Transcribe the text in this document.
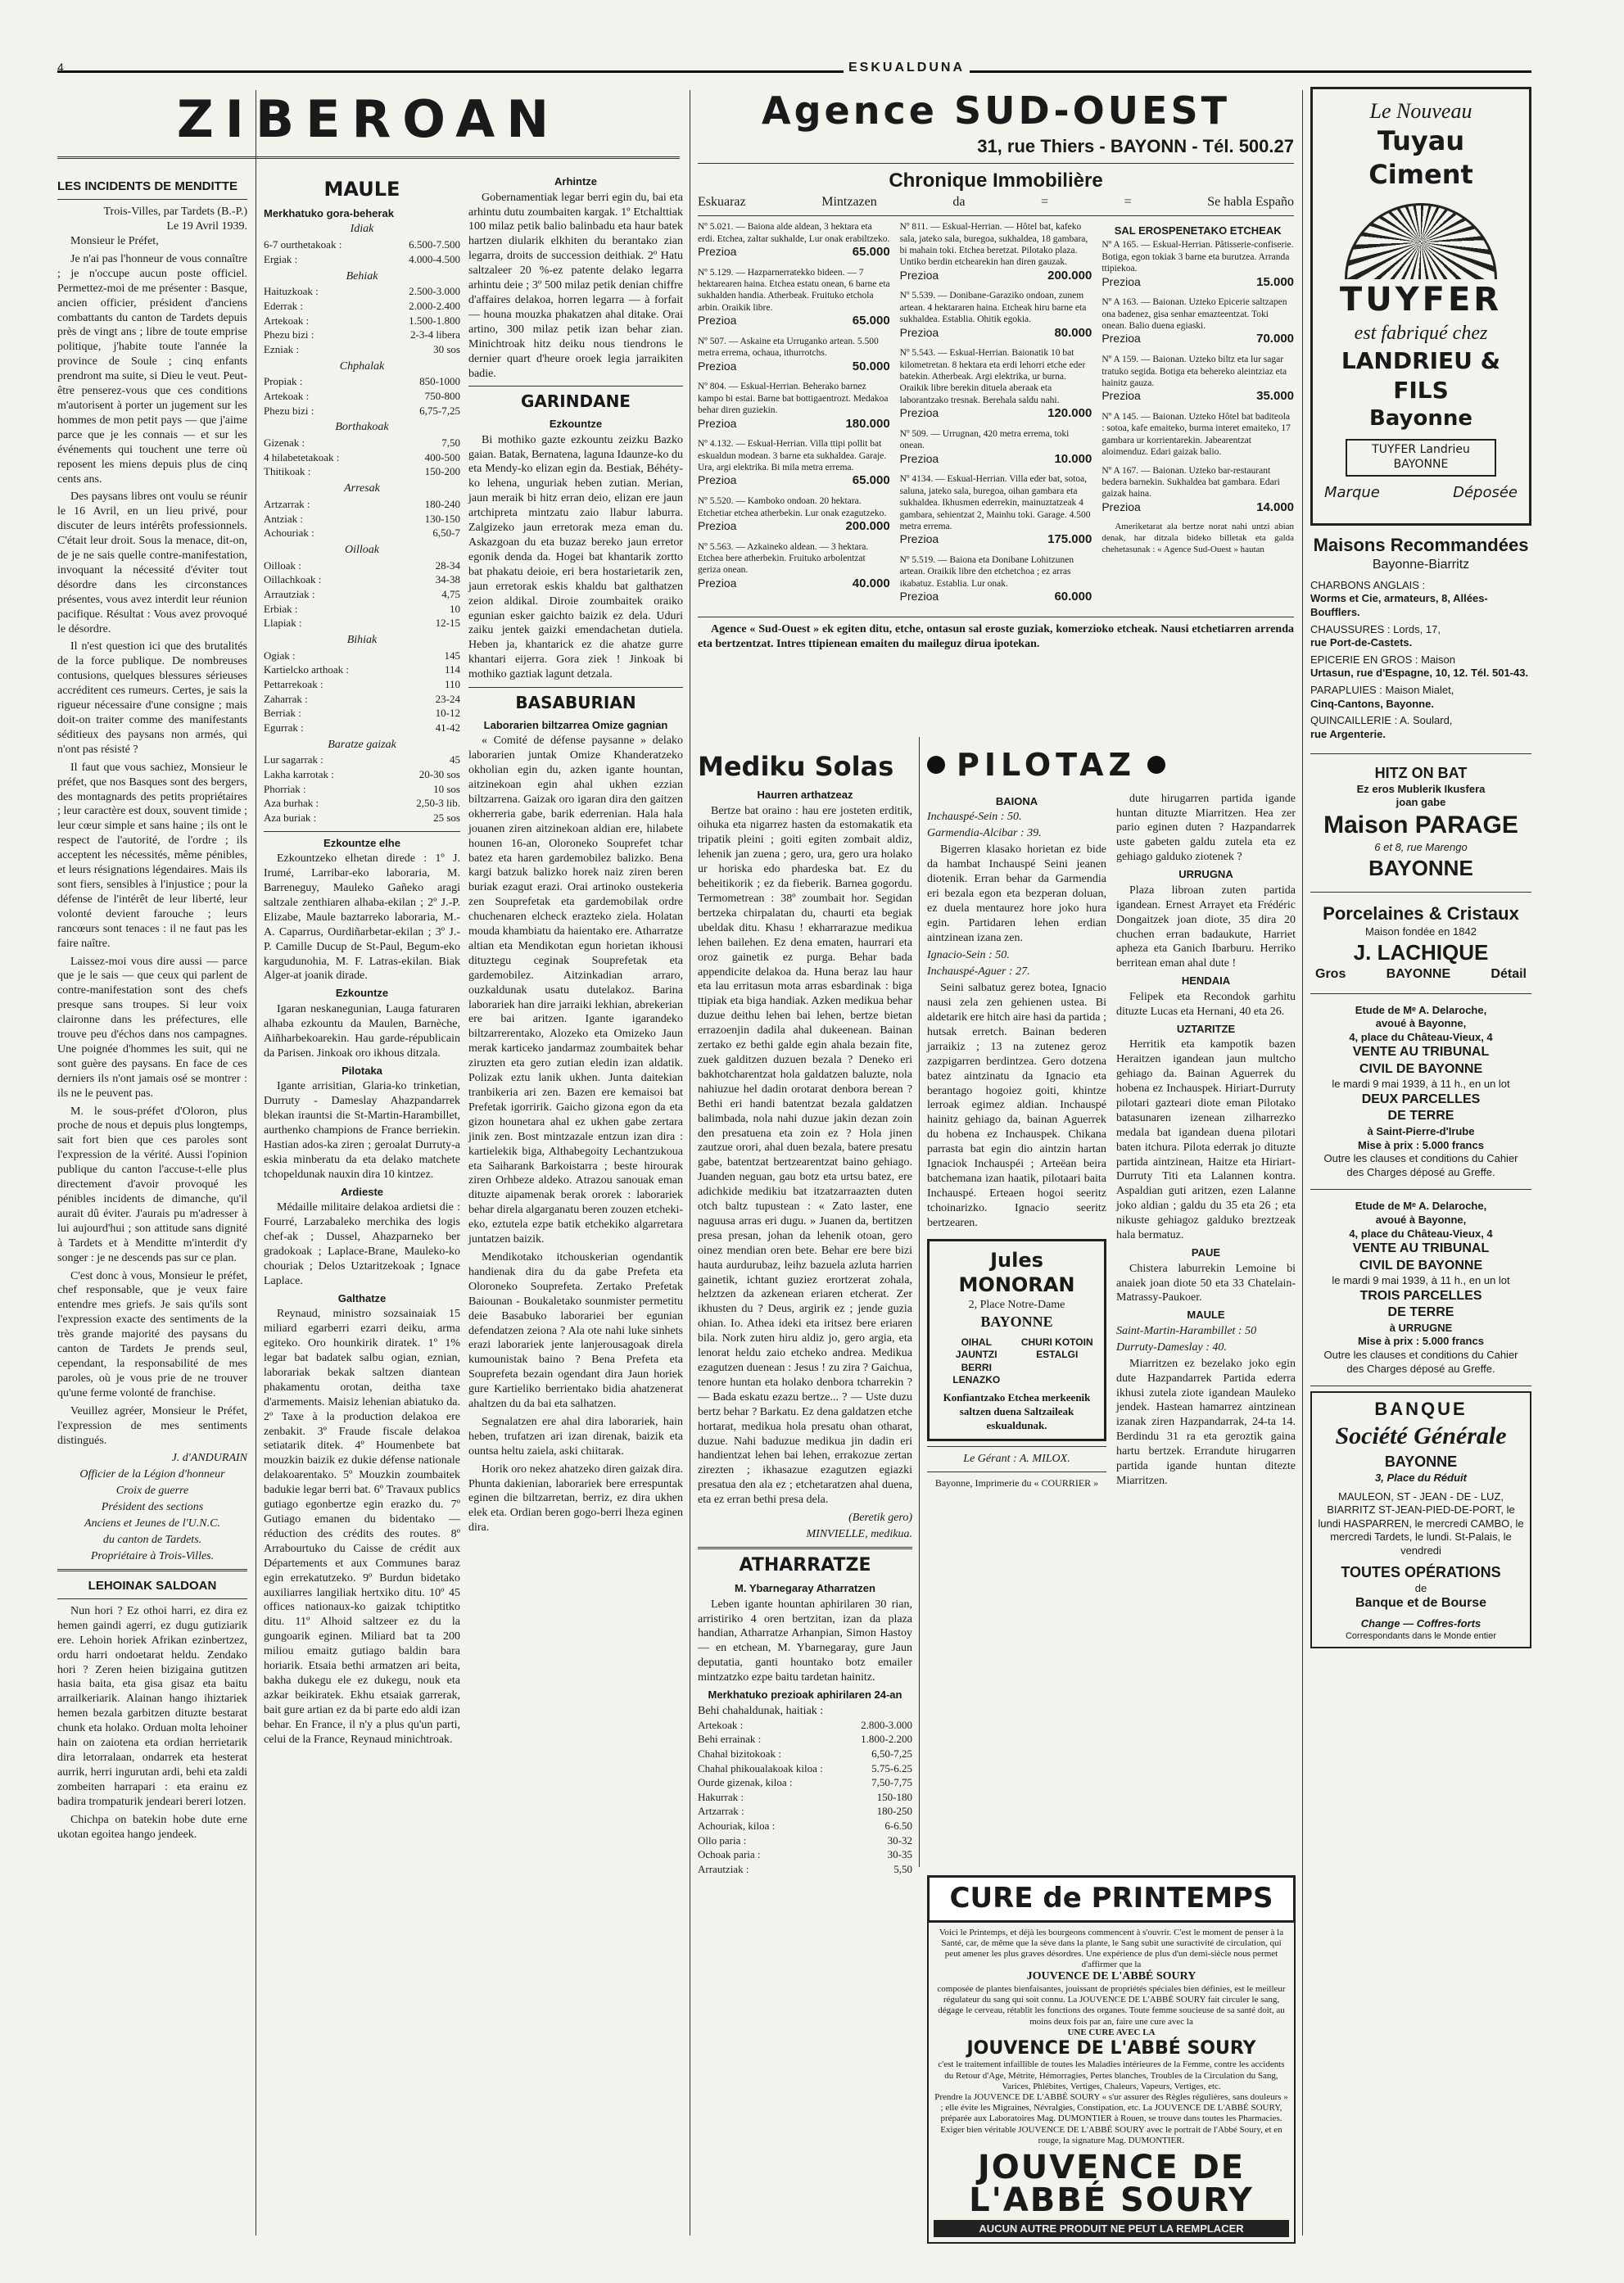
4	ESKUALDUNA
ZIBEROAN
LES INCIDENTS DE MENDITTE
Trois-Villes, par Tardets (B.-P.)
Le 19 Avril 1939.

Monsieur le Préfet,

Je n'ai pas l'honneur de vous connaître ; je n'occupe aucun poste officiel. Permettez-moi de me présenter : Basque, ancien officier, président d'anciens combattants du canton de Tardets depuis près de vingt ans ; libre de toute emprise politique, j'habite toute l'année la province de Soule ; cinq enfants prendront ma suite, si Dieu le veut. Peut-être penserez-vous que ces conditions m'autorisent à porter un jugement sur les hommes de mon petit pays — que j'aime parce que je les connais — et sur les événements qui touchent une terre où reposent les miens depuis plus de cinq cents ans.

Des paysans libres ont voulu se réunir le 16 Avril, en un lieu privé, pour discuter de leurs intérêts professionnels. C'était leur droit. Sous la menace, dit-on, de je ne sais quelle contre-manifestation, invoquant la nécessité d'éviter tout désordre dans les circonstances présentes, vous avez interdit leur réunion pacifique. Résultat : Vous avez provoqué le désordre.

Il n'est question ici que des brutalités de la force publique. De nombreuses contusions, quelques blessures sérieuses accréditent ces rumeurs. Certes, je sais la rigueur nécessaire d'une consigne ; mais doit-on traiter comme des manifestants séditieux des paysans non armés, qui n'ont pas résisté ?

Il faut que vous sachiez, Monsieur le préfet, que nos Basques sont des bergers, des montagnards des petits propriétaires ; leur caractère est doux, souvent timide ; leur cœur simple et sans haine ; ils ont le respect de l'autorité, de l'ordre ; ils acceptent les nécessités, même pénibles, et leurs résignations légendaires. Mais ils sont fiers, sensibles à l'injustice ; pour la défense de l'intérêt de leur liberté, leur volonté devient farouche ; leurs rancœurs sont tenaces : il ne faut pas les faire naître.

Laissez-moi vous dire aussi — parce que je le sais — que ceux qui parlent de contre-manifestation sont des chefs presque sans troupes. Si leur voix claironne dans les préfectures, elle trouve peu d'échos dans nos campagnes. Une poignée d'hommes les suit, qui ne sont guère des paysans. En face de ces derniers ils n'ont jamais osé se montrer : ils ne le peuvent pas.

M. le sous-préfet d'Oloron, plus proche de nous et depuis plus longtemps, sait fort bien que ces paroles sont l'expression de la vérité. Aussi l'opinion publique du canton l'accuse-t-elle plus directement d'avoir provoqué les pénibles incidents de dimanche, qu'il aurait dû éviter. J'aurais pu m'adresser à lui aujourd'hui ; son attitude sans dignité à Tardets et à Menditte m'interdit d'y songer : je ne descends pas sur ce plan.

C'est donc à vous, Monsieur le préfet, chef responsable, que je veux faire entendre mes griefs. Je sais qu'ils sont l'expression exacte des sentiments de la très grande majorité des paysans du canton de Tardets Je prends seul, cependant, la responsabilité de mes paroles, où je vous prie de ne trouver qu'une ferme volonté de franchise.

Veuillez agréer, Monsieur le Préfet, l'expression de mes sentiments distingués.

J. d'ANDURAIN
Officier de la Légion d'honneur
Croix de guerre
Président des sections
Anciens et Jeunes de l'U.N.C.
du canton de Tardets.
Propriétaire à Trois-Villes.
LEHOINAK SALDOAN

Nun hori ? Ez othoi harri, ez dira ez hemen gaindi agerri, ez dugu gutiziarik ere. Lehoin horiek Afrikan ezinbertzez, ordu harri ondoetarat heldu. Zendako hori ? Zeren heien bizigaina gutitzen hasia baita, eta gisa gisaz eta baitu arrailkeriarik. Alainan hango ihiztariek hemen bezala garbitzen dituzte bestarat chunk eta holako. Orduan molta lehoiner hain on zaiotena eta ordian herrietarik dira letorralaan, ondarrek eta hesterat aurrik, herri ingurutan ardi, behi eta zaldi zombeiten harrapari : eta erainu ez badira trompaturik jendeari bereri lotzen.

Chichpa on batekin hobe dute erne ukotan egoitea hango jendeek.

MAULE
Merkhatuko gora-beherak
Idiak
6-7 ourthetakoak :	6.500-7.500
Ergiak :	4.000-4.500
Behiak
Haituzkoak :	2.500-3.000
Ederrak :	2.000-2.400
Artekoak :	1.500-1.800
Phezu bizi :	2-3-4 libera
Ezniak :	30 sos
Chphalak
Propiak :	850-1000
Artekoak :	750-800
Phezu bizi :	6,75-7,25
Borthakoak
Gizenak :	7,50
4 hilabetetakoak :	400-500
Thitikoak :	150-200
Arresak
Artzarrak :	180-240
Antziak :	130-150
Achouriak :	6,50-7
Oilloak
Oilloak :	28-34
Oillachkoak :	34-38
Arrautziak :	4,75
Erbiak :	10
Llapiak :	12-15
Bihiak
Ogiak :	145
Kartielcko arthoak :	114
Pettarrekoak :	110
Zaharrak :	23-24
Berriak :	10-12
Egurrak :	41-42
Baratze gaizak
Lur sagarrak :	45
Lakha karrotak :	20-30 sos
Phorriak :	10 sos
Aza burhak :	2,50-3 lib.
Aza buriak :	25 sos
Ezkountze elhe

Ezkountzeko elhetan direde : 1º J. Irumé, Larribar-eko laboraria, M. Barreneguy, Mauleko Gañeko aragi saltzale zenthiaren alhaba-ekilan ; 2º J.-P. Elizabe, Maule baztarreko laboraria, M.-A. Caparrus, Ourdiñarbetar-ekilan ; 3º J.-P. Camille Ducup de St-Paul, Begum-eko kargudunohia, M. F. Latras-ekilan. Biak Alger-at joanik dirade.

Ezkountze

Igaran neskanegunian, Lauga faturaren alhaba ezkountu da Maulen, Barnèche, Aiñharbekoarekin. Hau garde-républicain da Parisen. Jinkoak oro ikhous ditzala.

Pilotaka

Igante arrisitian, Glaria-ko trinketian, Durruty - Dameslay Ahazpandarrek blekan irauntsi die St-Martin-Harambillet, aurthenko champions de France berriekin. Hastian ados-ka ziren ; geroalat Durruty-a eskia minberatu da eta delako matchete tchopeldunak nauxin dira 10 kintzez.

Ardieste

Médaille militaire delakoa ardietsi die : Fourré, Larzabaleko merchika des logis chef-ak ; Dussel, Ahazparneko ber gradokoak ; Laplace-Brane, Mauleko-ko chouriak ; Delos Uztaritzekoak ; Ignace Laplace.

Galthatze

Reynaud, ministro sozsainaiak 15 miliard egarberri ezarri deiku, arma egiteko. Oro hounkirik diratek. 1º 1% legar bat badatek salbu ogian, eznian, laborariak bekak saltzen diantean phakamentu orotan, deitha taxe d'armements. Maisiz lehenian abiatuko da. 2º Taxe à la production delakoa ere zenbakit. 3º Fraude fiscale delakoa setiatarik ditek. 4º Houmenbete bat mouzkin baizik ez dukie défense nationale delakoarentako. 5º Mouzkin zoumbaitek badukie legar berri bat. 6º Travaux publics gutiago egonbertze egin erazko du. 7º Gutiago emanen du bidentako — réduction des crédits des routes. 8º Arrabourtuko du Caisse de crédit aux Départements et aux Communes baraz egin errekatutzeko. 9º Burdun bidetako auxiliarres langiliak hertxiko ditu. 10º 45 offices nationaux-ko gaizak tchiptitko ditu. 11º Alhoid saltzeer ez du la gungoarik eginen. Miliard bat ta 200 miliou emaitz gutiago baldin bara horiarik. Etsaia bethi armatzen ari beita, bakha dukegu ele ez dukegu, nouk eta azkar beikiratek. Ekhu etsaiak garrerak, bait gure artian ez da bi parte edo aldi izan behar. En France, il n'y a plus qu'un parti, celui de la France, Reynaud minichtroak.

Arhintze

Gobernamentiak legar berri egin du, bai eta arhintu dutu zoumbaiten kargak. 1º Etchalttiak 100 milaz petik balio balinbadu eta haur batek hartzen diularik elkhiten du berantako zian legarra, droits de succession deithiak. 2º Hatu saltzaleer 20 %-ez patente delako legarra arhintu deie ; 3º 500 milaz petik denian chiffre d'affaires delakoa, horren legarra — à forfait — houna mouzka phakatzen ahal ditake. Orai artino, 300 milaz petik izan behar zian. Minichtroak hitz deiku nous tiendrons le dernier quart d'heure oroek legia jarraikiten badie.

GARINDANE
Ezkountze

Bi mothiko gazte ezkountu zeizku Bazko gaian. Batak, Bernatena, laguna Idaunze-ko du eta Mendy-ko elizan egin da. Bestiak, Béhéty-ko lehena, unguriak heben zutian. Merian, jaun meraik bi hitz erran deio, elizan ere jaun artchipreta mintzatu zaio llabur laburra. Zalgizeko jaun erretorak meza eman du. Askazgoan du eta buzaz bereko jaun erretor egonik denda da. Hogei bat khantarik zortto bat phakatu deioie, eri bera hostarietarik zen, jaun erretorak eskis khaldu bat galthatzen zeion aldikal. Diroie zoumbaitek oraiko egunian esker gaichto baizik ez dela. Uduri zaiku jentek gaizki emendachetan dutiela. Heben ja, khantarick ez die ahatze gurre khantari eijerra. Gora ziek ! Jinkoak bi mothiko gaztiak lagunt detzala.

BASABURIAN
Laborarien biltzarrea Omize gagnian

« Comité de défense paysanne » delako laborarien juntak Omize Khanderatzeko okholian egin du, azken igante hountan, aitzinekoan egin ahal ukhen ezzian biltzarrena. Gaizak oro igaran dira den gaitzen okherreria gabe, barik ederrenian. Hala hala jouanen ziren aitzinekoan aldian ere, hilabete hounen 16-an, Oloroneko Souprefet tchar batez eta haren gardemobilez balizko. Bena kargi batzuk balizko horek naiz ziren beren buriak ezagut erazi. Orai artinoko oustekeria zen Souprefetak eta gardemobilak ordre chuchenaren elcheck erazteko ziela. Holatan mouda khambiatu da haientako ere. Atharratze altian eta Mendikotan egun horietan ikhousi dituztegu ceginak Souprefetak eta gardemobilez. Aitzinkadian arraro, ouzkaldunak usatu dutelakoz. Barina laborariek han dire jarraiki lekhian, abrekerian ere bai aritzen. Igante igarandeko biltzarrerentako, Alozeko eta Omizeko Jaun merak karticeko jandarmaz zoumbaitek behar ziruzten eta gero zutian eledin izan aldatik. Polizak eztu lanik ukhen. Junta daitekian tranbikeria ari zen. Bazen ere kemaisoi bat Prefetak igorririk. Gaicho gizona egon da eta gizon hounetara ahal ez ukhen gabe zertara jinik zen. Bost mintzazale entzun izan dira : kartielekik biga, Althabegoity Lechantzukoua eta Saiharank Barkoistarra ; beste hirourak ziren Orhbeze aldeko. Atrazou sanouak eman dituzte aipamenak berak ororek : laborariek behar direla algarganatu beren zouzen etcheki-eko, eztutela ezpe batik etchekiko algarretara juntatzen baizik.

Mendikotako itchouskerian ogendantik handienak dira du da gabe Prefeta eta Oloroneko Souprefeta. Zertako Prefetak Baiounan - Boukaletako sounmister permetitu deie Basabuko laborariei ber egunian defendatzen zeiona ? Ala ote nahi luke sinhets erazi laborariek jente lanjerousagoak direla kumounistak baino ? Bena Prefeta eta Souprefeta bezain ogendant dira Jaun horiek gure Kartieliko berrientako bidia ahatzenerat ahaltzen du da bai eta salhatzen.

Segnalatzen ere ahal dira laborariek, hain heben, trufatzen ari izan direnak, baizik eta ountsa heltu zaiela, aski chiitarak.

Horik oro nekez ahatzeko diren gaizak dira. Phunta dakienian, laborariek bere errespuntak eginen die biltzarretan, berriz, ez dira ukhen elek eta. Ordian beren gogo-berri lheza eginen dira.

Agence SUD-OUEST
31, rue Thiers - BAYONN - Tél. 500.27
Chronique Immobilière
Eskuaraz	Mintzazen	da	=	=	Se habla Españo
Nº 5.021. — Baiona alde aldean, 3 hektara eta erdi. Etchea, zaltar sukhalde, Lur onak erabiltzeko.
Prezioa	65.000
Nº 5.129. — Hazparnerratekko bideen. — 7 hektarearen haina. Etchea estatu onean, 6 barne eta sukhalden handia. Atherbeak. Fruituko etchola arbin. Oraikik libre.
Prezioa	65.000
Nº 507. — Askaine eta Urruganko artean. 5.500 metra errema, ochaua, ithurrotchs.
Prezioa	50.000
Nº 804. — Eskual-Herrian. Beherako barnez kampo bi estai. Barne bat bottigaentrozt. Medakoa behar diren guziekin.
Prezioa	180.000
Nº 4.132. — Eskual-Herrian. Villa ttipi pollit bat eskualdun modean. 3 barne eta sukhaldea. Garaje. Ura, argi elektrika. Bi mila metra errema.
Prezioa	65.000
Nº 5.520. — Kamboko ondoan. 20 hektara. Etchetiar etchea atherbekin. Lur onak ezagutzeko.
Prezioa	200.000
Nº 5.563. — Azkaineko aldean. — 3 hektara. Etchea bere atherbekin. Fruituko arbolentzat geriza onean.
Prezioa	40.000
Nº 811. — Eskual-Herrian. — Hôtel bat, kafeko sala, jateko sala, buregoa, sukhaldea, 18 gambara, bi mahain toki. Etchea beretzat. Pilotako plaza. Untiko berdin etchearekin han diren gauzak.
Prezioa	200.000
Nº 5.539. — Donibane-Garaziko ondoan, zunem artean. 4 hektararen haina. Etcheak hiru barne eta sukhaldea. Establia. Ohitik egokia.
Prezioa	80.000
Nº 5.543. — Eskual-Herrian. Baionatik 10 bat kilometretan. 8 hektara eta erdi lehorri etche eder batekin. Atherbeak. Argi elektrika, ur burna. Oraikik libre berekin dituela aberaak eta laborantzako tresnak. Berehala saldu nahi.
Prezioa	120.000
Nº 509. — Urrugnan, 420 metra errema, toki onean.
Prezioa	10.000
Nº 4134. — Eskual-Herrian. Villa eder bat, sotoa, saluna, jateko sala, buregoa, oihan gambara eta sukhaldea. Ikhusmen ederrekin, mainuztatzeak 4 gambara, sehientzat 2, Mainhu toki. Garage. 4.500 metra errema.
Prezioa	175.000
Nº 5.519. — Baiona eta Donibane Lohitzunen artean. Oraikik libre den etchetchoa ; ez arras ikabatuz. Establia. Lur onak.
Prezioa	60.000
SAL EROSPENETAKO ETCHEAK
Nº A 165. — Eskual-Herrian. Pâtisserie-confiserie. Botiga, egon tokiak 3 barne eta burutzea. Arranda ttipiekoa.
Prezioa	15.000
Nº A 163. — Baionan. Uzteko Epicerie saltzapen ona badenez, gisa senhar emazteentzat. Toki onean. Balio duena egiaski.
Prezioa	70.000
Nº A 159. — Baionan. Uzteko biltz eta lur sagar tratuko segida. Botiga eta behereko aleintziaz eta hainitz gauza.
Prezioa	35.000
Nº A 145. — Baionan. Uzteko Hôtel bat baditeola : sotoa, kafe emaiteko, burma interet emaiteko, 17 gambara ur korrientarekin. Jabearentzat aloimenduz. Edari gaizak balio.
Nº A 167. — Baionan. Uzteko bar-restaurant bedera barnekin. Sukhaldea bat gambara. Edari gaizak haina.
Prezioa	14.000

Ameriketarat ala bertze norat nahi untzi abian denak, har ditzala bideko billetak eta galda chehetasunak : « Agence Sud-Ouest » hautan

Agence « Sud-Ouest » ek egiten ditu, etche, ontasun sal eroste guziak, komerzioko etcheak. Nausi etchetiarren arrenda eta bertzentzat. Intres ttipienean emaiten du maileguz dirua ipotekan.

Mediku Solas
Haurren arthatzeaz

Bertze bat oraino : hau ere josteten erditik, oihuka eta nigarrez hasten da estomakatik eta tripatik pleini ; goiti egiten zombait aldiz, lehenik jan zuena ; gero, ura, gero ura holako ur horiska edo phardeska bat. Ez du beheitikorik ; ez da fieberik. Barnea gogordu. Termometrean : 38º zoumbait hor. Segidan bertzeka chirpalatan du, chaurti eta begiak ubeldak ditu. Khasu ! ekharrarazue medikua lehen bailehen. Ez dena ematen, haurrari eta oroz gainetik ez purga. Behar bada appendicite delakoa da. Huna beraz lau haur eta lau erritasun mota arras esbardinak : biga ttipiak eta biga handiak. Azken medikua behar duzue deithu lehen bai lehen, bertze bietan errazoenjin dadila ahal dukeenean. Bainan zertako ez bethi galde egin ahala bezain fite, zuek galditzen duzuen bezala ? Deneko eri bakhotcharentzat hola galdatzen baluzte, nola nahiuzue hel dadin orotarat denbora berean ? Bethi eri handi batentzat bezala galdatzen balimbada, nola nahi duzue jakin dezan zoin den presatuena eta zoin ez ? Hola jinen zautzue orori, ahal duen bezala, batere presatu gabe, batentzat bertzearentzat baino gehiago. Juanden neguan, gau botz eta urtsu batez, ere adichkide medikiu bat itzatzarraazten duten otch baltz tupustean : « Zato laster, ene naguusa arras eri dugu. » Juanen da, bertitzen presa presan, johan da lehenik otoan, gero oinez mendian oren bete. Behar ere bere bizi hauta aurdurubaz, leihz bazuela azluta harrien gainetik, ichtant guziez erortzerat zohala, helztzen da azkenean eriaren etcherat. Zer ikhusten du ? Deus, argirik ez ; jende guzia ohian. Io. Athea ideki eta iritsez bere eriaren bila. Nork zuten hiru aldiz jo, gero argia, eta lenorat heldu zaio etcheko andrea. Medikua ezagutzen duenean : Jesus ! zu zira ? Gaichua, tenore huntan eta holako denbora tcharrekin ? — Bada eskatu ezazu bertze... ? — Uste duzu bertz behar ? Barkatu. Ez dena galdatzen etche hortarat, medikua hola presatu ohan otharat, duzue. Nahi baduzue medikua jin dadin eri handientzat lehen bai lehen, errakozue zertan zirezten ; ikhasazue ezagutzen egiazki presatua den ala ez ; etchetaratzen ahal duena, eta ez erran bethi presa dela.

(Beretik gero)
MINVIELLE, medikua.
ATHARRATZE
M. Ybarnegaray Atharratzen

Leben igante hountan aphirilaren 30 rian, arristiriko 4 oren bertzitan, izan da plaza handian, Atharratze Arhanpian, Simon Hastoy — en etchean, M. Ybarnegaray, gure Jaun deputatia, ganti hountako botz emailer mintzatzko ezpe baitu tardetan hainitz.

Merkhatuko prezioak aphirilaren 24-an
Behi chahaldunak, haitiak :
Artekoak :	2.800-3.000
Behi errainak :	1.800-2.200
Chahal bizitokoak :	6,50-7,25
Chahal phikoualakoak kiloa :	5.75-6.25
Ourde gizenak, kiloa :	7,50-7,75
Hakurrak :	150-180
Artzarrak :	180-250
Achouriak, kiloa :	6-6.50
Ollo paria :	30-32
Ochoak paria :	30-35
Arrautziak :	5,50
PILOTAZ
BAIONA
Inchauspé-Sein : 50.
Garmendia-Alcibar : 39.

Bigerren klasako horietan ez bide da hambat Inchauspé Seini jeanen diotenik. Erran behar da Garmendia eri bezala egon eta bezperan doluan, ez duela mentaurez hore joko hura egin. Partidaren lehen erdian aintzinean izana zen.

Ignacio-Sein : 50.
Inchauspé-Aguer : 27.

Seini salbatuz gerez botea, Ignacio nausi zela zen gehienen ustea. Bi aldetarik ere hitch aire hasi da partida ; hutsak erretch. Bainan bederen jarraikiz ; 13 na zutenez geroz zazpigarren berdintzea. Gero dotzena batez aintzinatu da Ignacio eta berantago hogoiez goiti, khintze lerroak egimez aldian. Inchauspé hainitz gehiago da, bainan Aguerrek du hobena ez Inchauspek. Chikana parrasta bat egin dio aintzin hartan Ignaciok Inchauspéi ; Arteëan beira batchemana izan haatik, pilotaari baita Inchauspé. Erteaen hogoi seeritz tchoinarizko. Ignacio seeritz bertzearen.

Jules MONORAN
2, Place Notre-Dame
BAYONNE
OIHAL JAUNTZI BERRI LENAZKO
CHURI KOTOIN ESTALGI
Konfiantzako Etchea merkeenik saltzen duena Saltzaileak eskualdunak.
Le Gérant : A. MILOX.
Bayonne, Imprimerie du « COURRIER »

dute hirugarren partida igande huntan dituzte Miarritzen. Hea zer pario eginen duten ? Hazpandarrek uste gabeten galdu zutela eta ez gehiago galduko ziotenek ?

URRUGNA

Plaza libroan zuten partida igandean. Ernest Arrayet eta Frédéric Dongaitzek joan diote, 35 dira 20 chuchen erran badaukute, Harriet apheza eta Ganich Ibarburu. Herriko berritean eman ahal dute !

HENDAIA

Felipek eta Recondok garhitu dituzte Lucas eta Hernani, 40 eta 26.

UZTARITZE

Herritik eta kampotik bazen Heraitzen igandean jaun multcho gehiago da. Bainan Aguerrek du hobena ez Inchauspek. Hiriart-Durruty pilotari gazteari diote eman Pilotako batasunaren izenean zilharrezko medala bat igandean duena pilotari baten itchura. Pilota ederrak jo dituzte partida aintzinean, Haitze eta Hiriart-Durruty Titi eta Lalannen kontra. Aspaldian guti aritzen, ezen Lalanne joko aldian ; galdu du 35 eta 26 ; eta nikuste gehiagoz galduko breztzeak hala bermatuz.

PAUE

Chistera laburrekin Lemoine bi anaiek joan diote 50 eta 33 Chatelain-Matrassy-Paukoer.

MAULE
Saint-Martin-Harambillet : 50
Durruty-Dameslay : 40.

Miarritzen ez bezelako joko egin dute Hazpandarrek Partida ederra ikhusi zutela ziote igandean Mauleko jendek. Hastean hamarrez aintzinean izanak ziren Hazpandarrak, 24-ta 14. Berdindu 31 ra eta geroztik gaina hartu bertzek. Errandute hirugarren partida igande huntan ditezte Miarritzen.

CURE de PRINTEMPS
Voici le Printemps, et déjà les bourgeons commencent à s'ouvrir. C'est le moment de penser à la Santé, car, de même que la sève dans la plante, le Sang subit une suractivité de circulation, qui peut amener les plus graves désordres. Une expérience de plus d'un demi-siècle nous permet d'affirmer que la
JOUVENCE DE L'ABBÉ SOURY
composée de plantes bienfaisantes, jouissant de propriétés spéciales bien définies, est le meilleur régulateur du sang qui soit connu. La JOUVENCE DE L'ABBÉ SOURY fait circuler le sang, dégage le cerveau, rétablit les fonctions des organes. Toute femme soucieuse de sa santé doit, au moins deux fois par an, faire une cure avec la
UNE CURE AVEC LA
JOUVENCE DE L'ABBÉ SOURY
c'est le traitement infaillible de toutes les Maladies intérieures de la Femme, contre les accidents du Retour d'Age, Métrite, Hémorragies, Pertes blanches, Troubles de la Circulation du Sang, Varices, Phlébites, Vertiges, Chaleurs, Vapeurs, Vertiges, etc.
Prendre la JOUVENCE DE L'ABBÉ SOURY « s'ur assurer des Règles régulières, sans douleurs » ; elle évite les Migraines, Névralgies, Constipation, etc. La JOUVENCE DE L'ABBÉ SOURY, préparée aux Laboratoires Mag. DUMONTIER à Rouen, se trouve dans toutes les Pharmacies. Exiger bien véritable JOUVENCE DE L'ABBÉ SOURY avec le portrait de l'Abbé Soury, et en rouge, la signature Mag. DUMONTIER.
JOUVENCE DE
L'ABBÉ SOURY
AUCUN AUTRE PRODUIT NE PEUT LA REMPLACER
Le Nouveau
Tuyau
Ciment
TUYFER
est fabriqué chez
LANDRIEU & FILS
Bayonne
TUYFER Landrieu BAYONNE
Marque	Déposée
Maisons Recommandées
Bayonne-Biarritz
CHARBONS ANGLAIS :
Worms et Cie, armateurs, 8, Allées-Boufflers.
CHAUSSURES : Lords, 17,
rue Port-de-Castets.
EPICERIE EN GROS : Maison
Urtasun, rue d'Espagne, 10, 12. Tél. 501-43.
PARAPLUIES : Maison Mialet,
Cinq-Cantons, Bayonne.
QUINCAILLERIE : A. Soulard,
rue Argenterie.
HITZ ON BAT
Ez eros Mublerik Ikusfera
joan gabe
Maison PARAGE
6 et 8, rue Marengo
BAYONNE
Porcelaines & Cristaux
Maison fondée en 1842
J. LACHIQUE
Gros	BAYONNE	Détail
Etude de Mᵉ A. Delaroche,
avoué à Bayonne,
4, place du Château-Vieux, 4
VENTE AU TRIBUNAL
CIVIL DE BAYONNE
le mardi 9 mai 1939, à 11 h., en un lot
DEUX PARCELLES
DE TERRE
à Saint-Pierre-d'Irube
Mise à prix : 5.000 francs
Outre les clauses et conditions du Cahier des Charges déposé au Greffe.
Etude de Mᵉ A. Delaroche,
avoué à Bayonne,
4, place du Château-Vieux, 4
VENTE AU TRIBUNAL
CIVIL DE BAYONNE
le mardi 9 mai 1939, à 11 h., en un lot
TROIS PARCELLES
DE TERRE
à URRUGNE
Mise à prix : 5.000 francs
Outre les clauses et conditions du Cahier des Charges déposé au Greffe.
BANQUE
Société Générale
BAYONNE
3, Place du Réduit
MAULEON, ST - JEAN - DE - LUZ, BIARRITZ ST-JEAN-PIED-DE-PORT, le lundi HASPARREN, le mercredi CAMBO, le mercredi Tardets, le lundi. St-Palais, le vendredi
TOUTES OPÉRATIONS
de
Banque et de Bourse
Change — Coffres-forts
Correspondants dans le Monde entier
